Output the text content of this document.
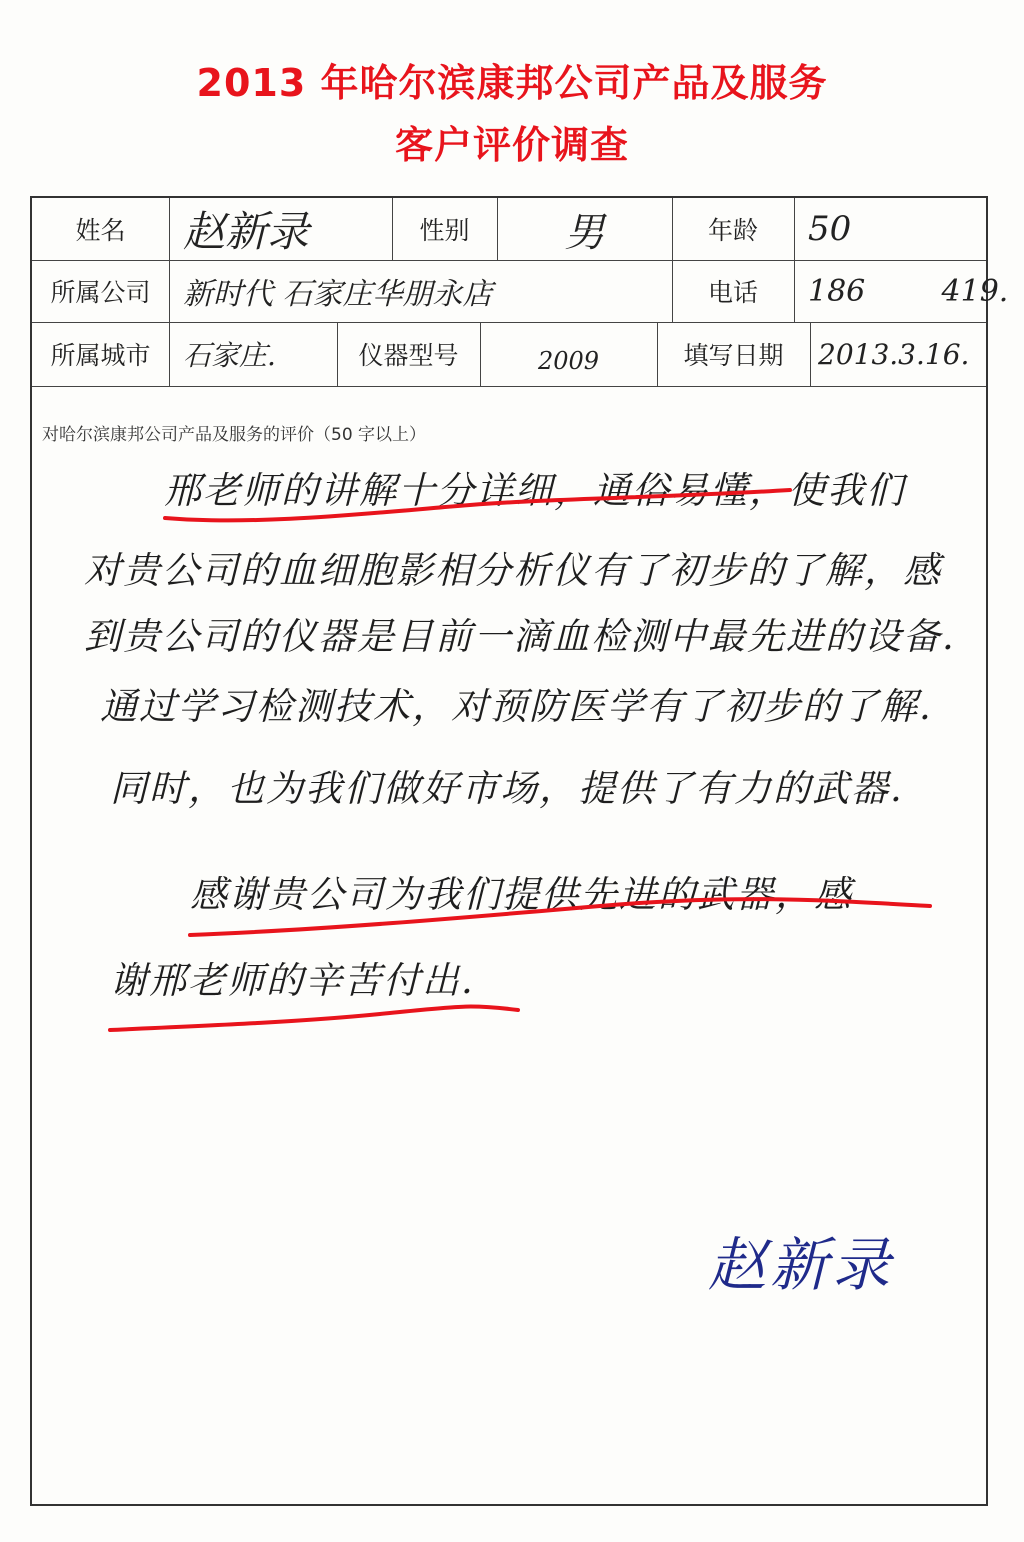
2013 年哈尔滨康邦公司产品及服务
客户评价调查
姓名	赵新录	性别	男	年龄	50
所属公司	新时代 石家庄华朋永店	电话	186        419.
所属城市	石家庄.	仪器型号	2009	填写日期	2013.3.16.
对哈尔滨康邦公司产品及服务的评价（50 字以上）
邢老师的讲解十分详细，通俗易懂，使我们
对贵公司的血细胞影相分析仪有了初步的了解，感
到贵公司的仪器是目前一滴血检测中最先进的设备.
通过学习检测技术，对预防医学有了初步的了解.
同时，也为我们做好市场，提供了有力的武器.
感谢贵公司为我们提供先进的武器，感
谢邢老师的辛苦付出.
赵新录
